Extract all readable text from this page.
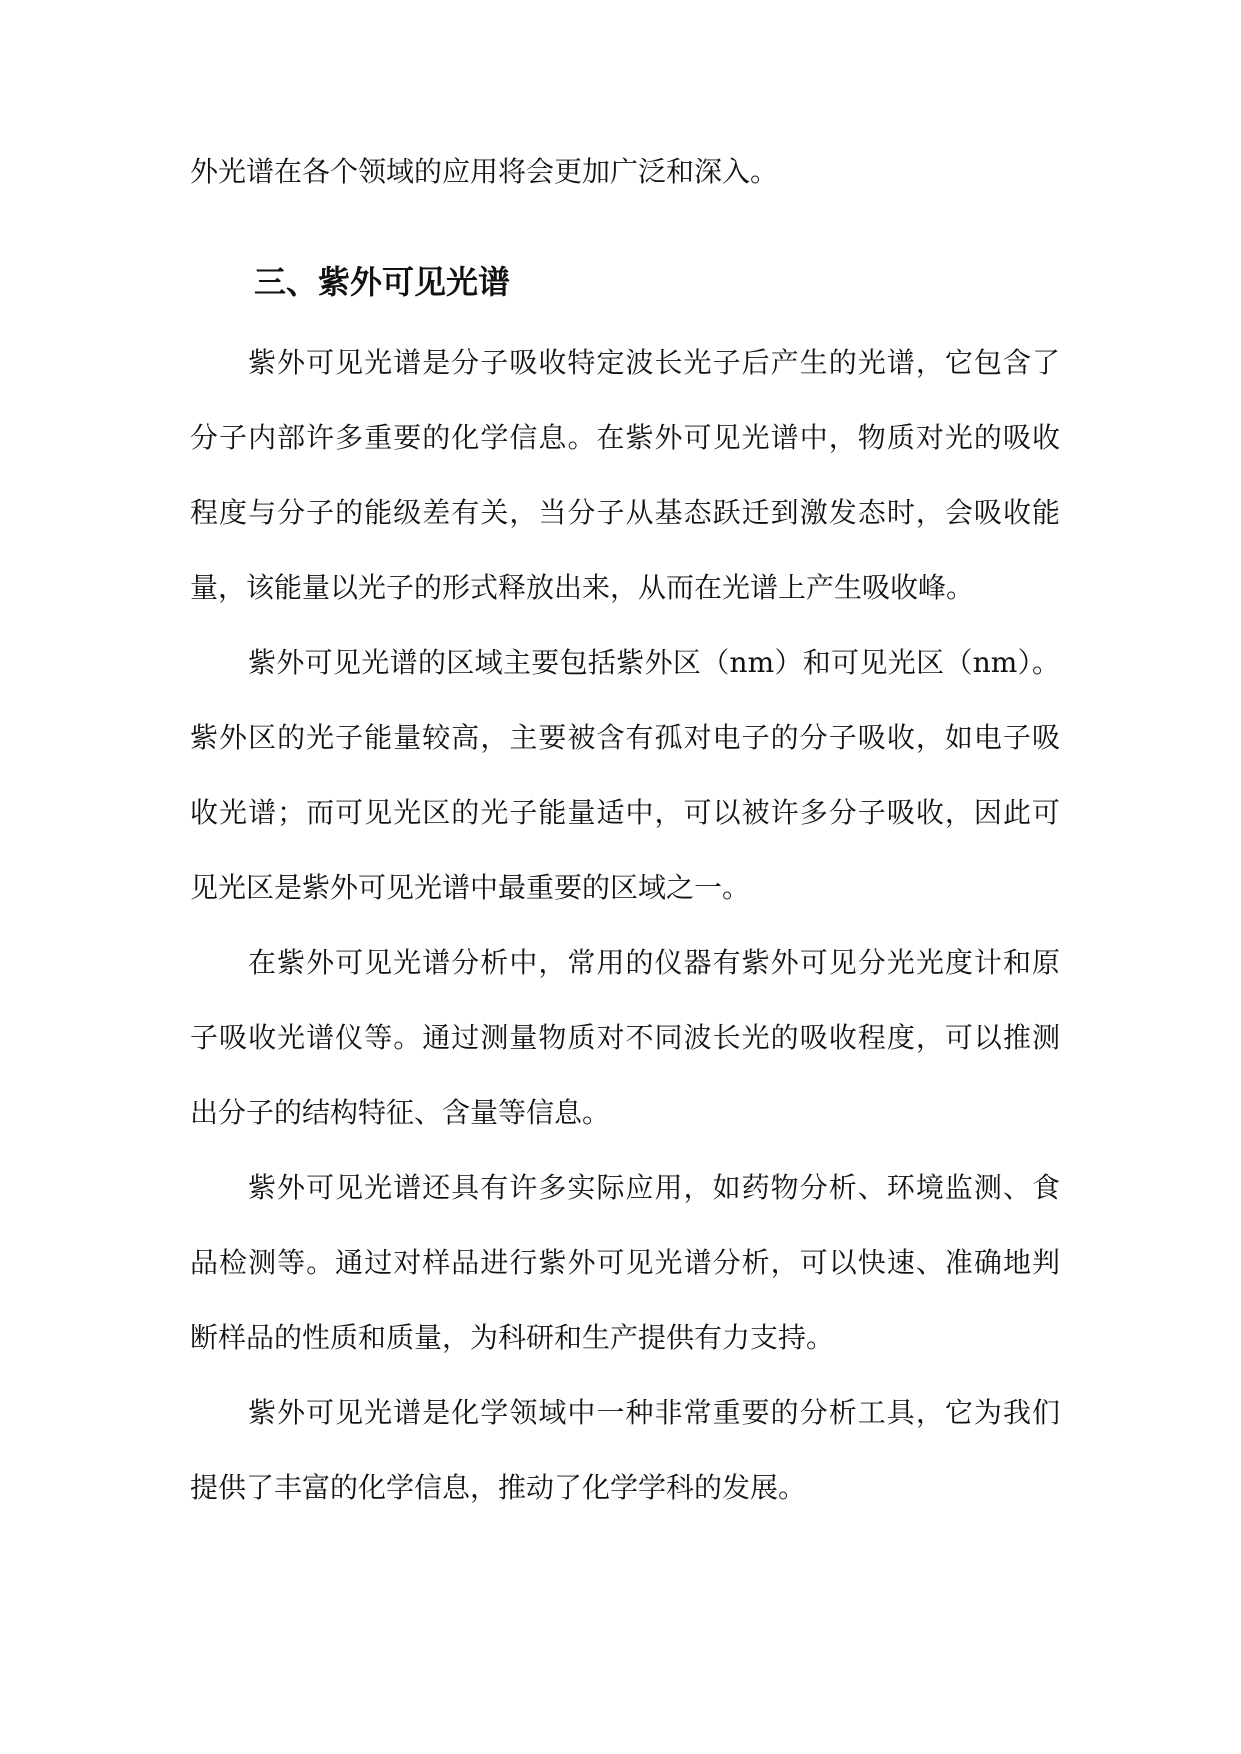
外光谱在各个领域的应用将会更加广泛和深入。
三、紫外可见光谱
紫外可见光谱是分子吸收特定波长光子后产生的光谱，它包含了
分子内部许多重要的化学信息。在紫外可见光谱中，物质对光的吸收
程度与分子的能级差有关，当分子从基态跃迁到激发态时，会吸收能
量，该能量以光子的形式释放出来，从而在光谱上产生吸收峰。
紫外可见光谱的区域主要包括紫外区（nm）和可见光区（nm）。
紫外区的光子能量较高，主要被含有孤对电子的分子吸收，如电子吸
收光谱；而可见光区的光子能量适中，可以被许多分子吸收，因此可
见光区是紫外可见光谱中最重要的区域之一。
在紫外可见光谱分析中，常用的仪器有紫外可见分光光度计和原
子吸收光谱仪等。通过测量物质对不同波长光的吸收程度，可以推测
出分子的结构特征、含量等信息。
紫外可见光谱还具有许多实际应用，如药物分析、环境监测、食
品检测等。通过对样品进行紫外可见光谱分析，可以快速、准确地判
断样品的性质和质量，为科研和生产提供有力支持。
紫外可见光谱是化学领域中一种非常重要的分析工具，它为我们
提供了丰富的化学信息，推动了化学学科的发展。
